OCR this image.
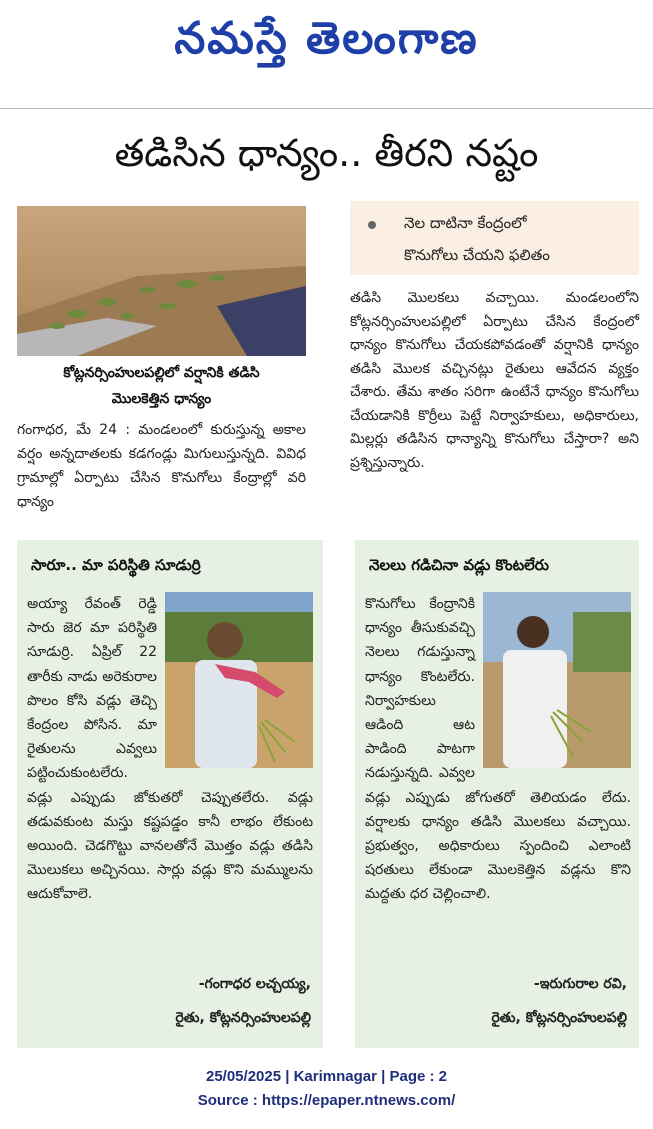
నమస్తే తెలంగాణ
తడిసిన ధాన్యం.. తీరని నష్టం
కోట్లనర్సింహులపల్లిలో వర్షానికి తడిసి
మొలకెత్తిన ధాన్యం
గంగాధర, మే 24 : మండలంలో కురుస్తున్న అకాల వర్షం అన్నదాతలకు కడగండ్లు మిగులుస్తున్నది. వివిధ గ్రామాల్లో ఏర్పాటు చేసిన కొనుగోలు కేంద్రాల్లో వరి ధాన్యం
నెల దాటినా కేంద్రంలో
కొనుగోలు చేయని ఫలితం
తడిసి మొలకలు వచ్చాయి. మండలంలోని కోట్లనర్సింహులపల్లిలో ఏర్పాటు చేసిన కేంద్రంలో ధాన్యం కొనుగోలు చేయకపోవడంతో వర్షానికి ధాన్యం తడిసి మొలక వచ్చినట్లు రైతులు ఆవేదన వ్యక్తం చేశారు. తేమ శాతం సరిగా ఉంటేనే ధాన్యం కొనుగోలు చేయడానికి కొర్రీలు పెట్టే నిర్వాహకులు, అధికారులు, మిల్లర్లు తడిసిన ధాన్యాన్ని కొనుగోలు చేస్తారా? అని ప్రశ్నిస్తున్నారు.
సారూ.. మా పరిస్థితి సూడుర్రి
అయ్యా రేవంత్ రెడ్డి సారు జెర మా పరిస్థితి సూడుర్రి. ఏప్రిల్ 22 తారీకు నాడు అరెకురాల పొలం కోసి వడ్లు తెచ్చి కేంద్రంల పోసిన. మా రైతులను ఎవ్వలు పట్టించుకుంటలేరు. వడ్లు ఎప్పుడు జోకుతరో చెప్పుతలేరు. వడ్లు తడువకుంట మస్తు కష్టపడ్డం కానీ లాభం లేకుంట అయింది. చెడగొట్టు వానలతోనే మొత్తం వడ్లు తడిసి మొలుకలు అచ్చినయి. సార్లు వడ్లు కొని మమ్ములను ఆదుకోవాలె.
-గంగాధర లచ్చయ్య,
రైతు, కోట్లనర్సింహులపల్లి
నెలలు గడిచినా వడ్లు కొంటలేరు
కొనుగోలు కేంద్రానికి ధాన్యం తీసుకువచ్చి నెలలు గడుస్తున్నా ధాన్యం కొంటలేరు. నిర్వాహకులు ఆడింది ఆట పాడింది పాటగా నడుస్తున్నది. ఎవ్వల వడ్లు ఎప్పుడు జోగుతరో తెలియడం లేదు. వర్షాలకు ధాన్యం తడిసి మొలకలు వచ్చాయి. ప్రభుత్వం, అధికారులు స్పందించి ఎలాంటి షరతులు లేకుండా మొలకెత్తిన వడ్లను కొని మద్దతు ధర చెల్లించాలి.
-ఇరుగురాల రవి,
రైతు, కోట్లనర్సింహులపల్లి
25/05/2025 | Karimnagar | Page : 2
Source : https://epaper.ntnews.com/
